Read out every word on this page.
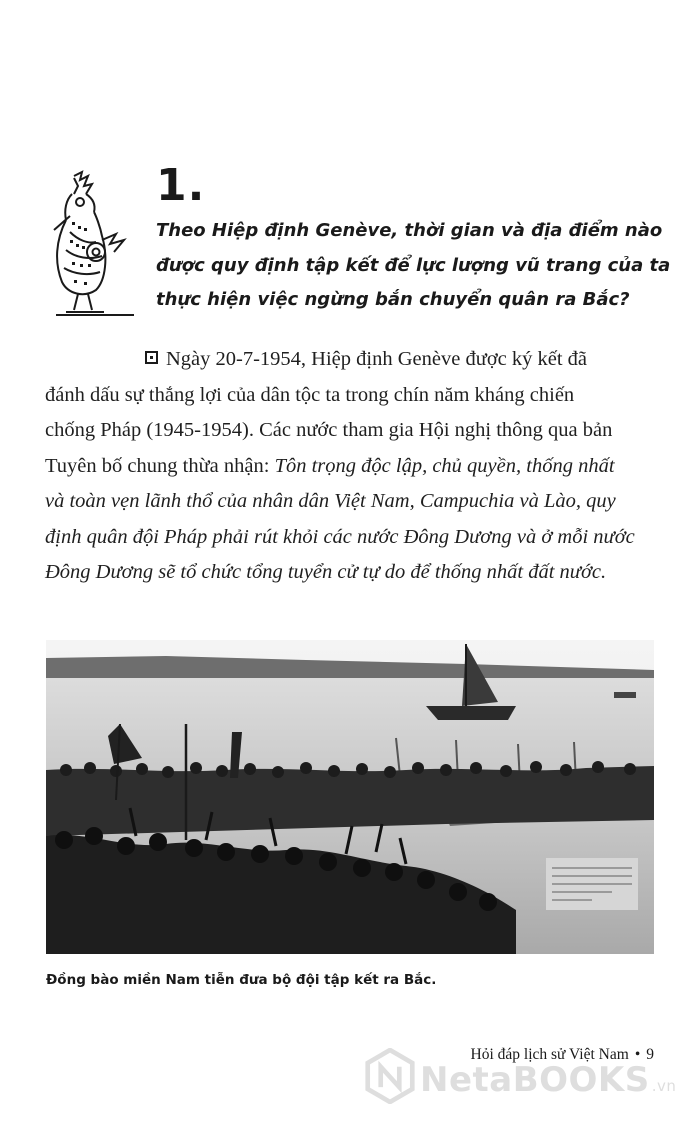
1.
Theo Hiệp định Genève, thời gian và địa điểm nào
được quy định tập kết để lực lượng vũ trang của ta
thực hiện việc ngừng bắn chuyển quân ra Bắc?
Ngày 20-7-1954, Hiệp định Genève được ký kết đã
đánh dấu sự thắng lợi của dân tộc ta trong chín năm kháng chiến
chống Pháp (1945-1954). Các nước tham gia Hội nghị thông qua bản
Tuyên bố chung thừa nhận: Tôn trọng độc lập, chủ quyền, thống nhất
và toàn vẹn lãnh thổ của nhân dân Việt Nam, Campuchia và Lào, quy
định quân đội Pháp phải rút khỏi các nước Đông Dương và ở mỗi nước
Đông Dương sẽ tổ chức tổng tuyển cử tự do để thống nhất đất nước.
Đồng bào miền Nam tiễn đưa bộ đội tập kết ra Bắc.
NetaBOOKS .vn
Hỏi đáp lịch sử Việt Nam • 9
